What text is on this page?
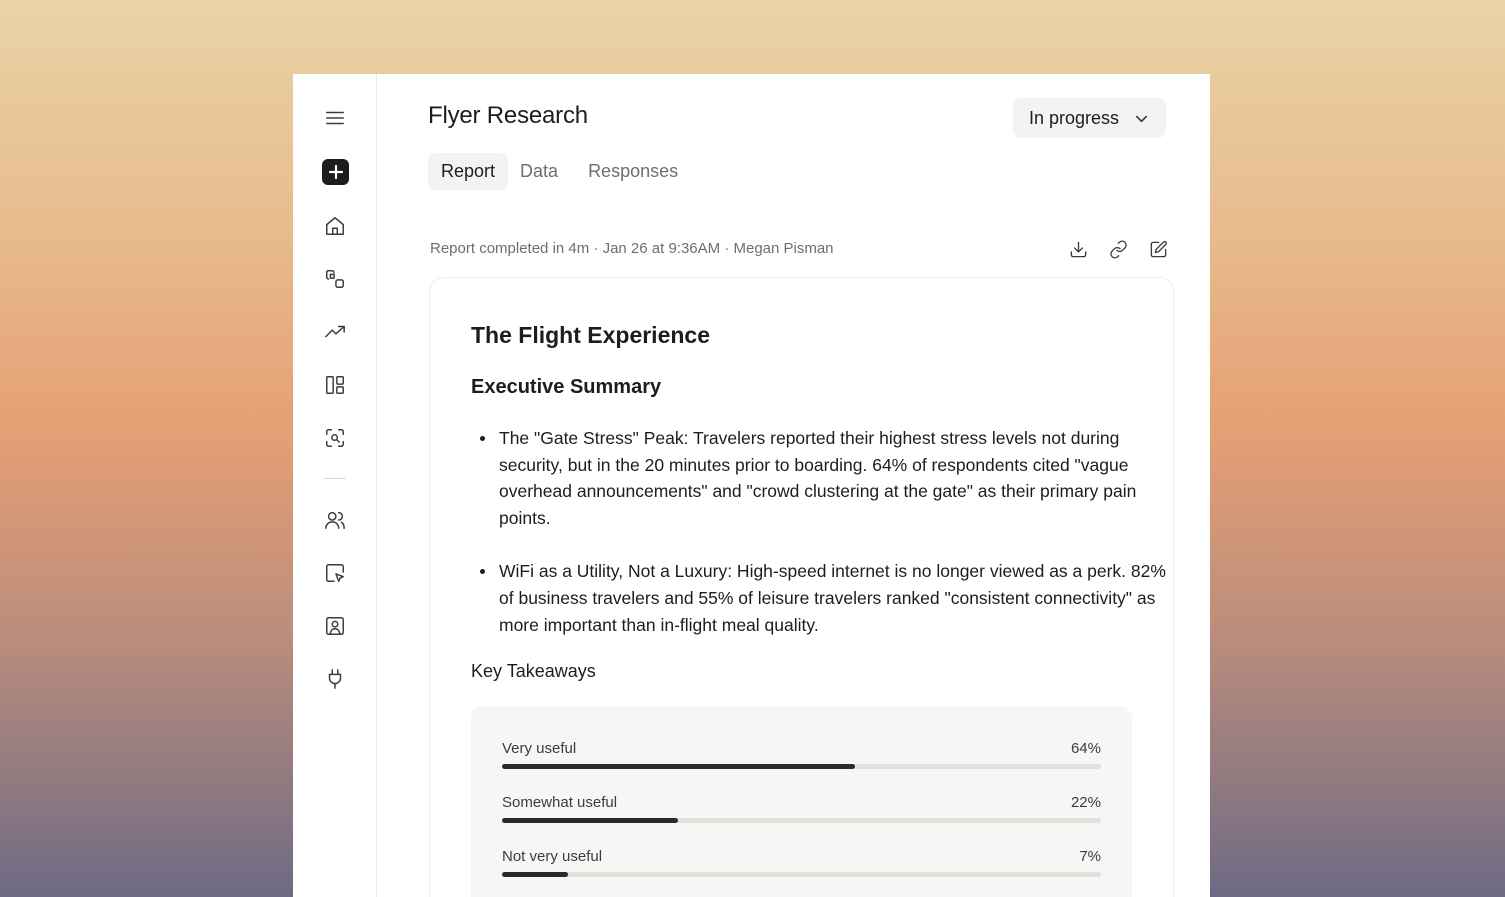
Flyer Research	In progress
Report	Data	Responses
Report completed in 4m · Jan 26 at 9:36AM · Megan Pisman
The Flight Experience
Executive Summary
The "Gate Stress" Peak: Travelers reported their highest stress levels not during security, but in the 20 minutes prior to boarding. 64% of respondents cited "vague overhead announcements" and "crowd clustering at the gate" as their primary pain points.
WiFi as a Utility, Not a Luxury: High-speed internet is no longer viewed as a perk. 82% of business travelers and 55% of leisure travelers ranked "consistent connectivity" as more important than in-flight meal quality.
Key Takeaways
Very useful	64%
Somewhat useful	22%
Not very useful	7%
